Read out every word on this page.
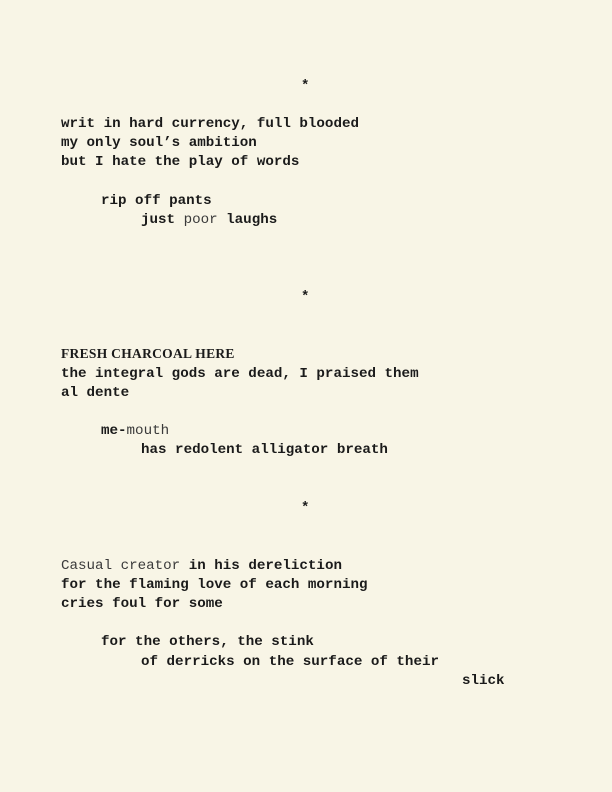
*
writ in hard currency, full blooded
my only soul’s ambition
but I hate the play of words
rip off pants
just poor laughs
*
FRESH CHARCOAL HERE
the integral gods are dead, I praised them
al dente
me-mouth
has redolent alligator breath
*
Casual creator in his dereliction
for the flaming love of each morning
cries foul for some
for the others, the stink
of derricks on the surface of their
slick
